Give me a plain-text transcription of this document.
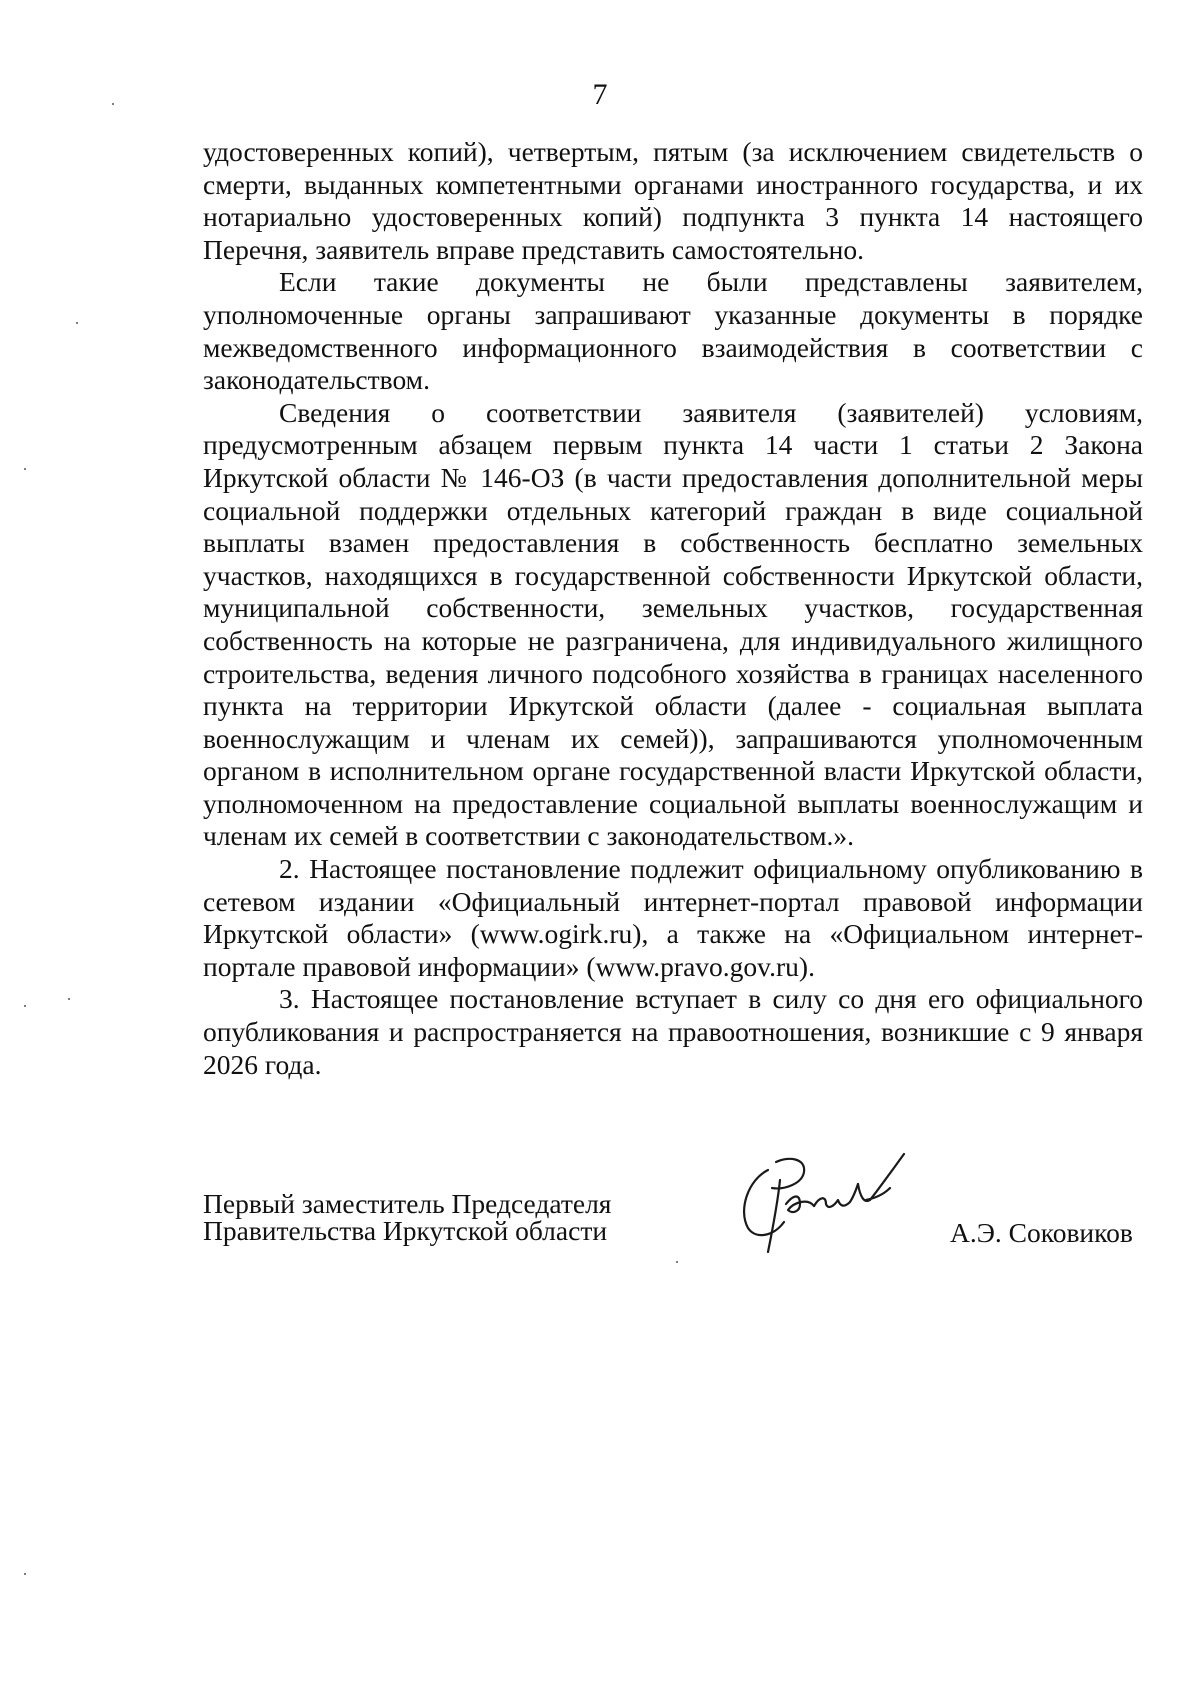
7

удостоверенных копий), четвертым, пятым (за исключением свидетельств о смерти, выданных компетентными органами иностранного государства, и их нотариально удостоверенных копий) подпункта 3 пункта 14 настоящего Перечня, заявитель вправе представить самостоятельно.

Если такие документы не были представлены заявителем, уполномоченные органы запрашивают указанные документы в порядке межведомственного информационного взаимодействия в соответствии с законодательством.

Сведения о соответствии заявителя (заявителей) условиям, предусмотренным абзацем первым пункта 14 части 1 статьи 2 Закона Иркутской области № 146-ОЗ (в части предоставления дополнительной меры социальной поддержки отдельных категорий граждан в виде социальной выплаты взамен предоставления в собственность бесплатно земельных участков, находящихся в государственной собственности Иркутской области, муниципальной собственности, земельных участков, государственная собственность на которые не разграничена, для индивидуального жилищного строительства, ведения личного подсобного хозяйства в границах населенного пункта на территории Иркутской области (далее - социальная выплата военнослужащим и членам их семей)), запрашиваются уполномоченным органом в исполнительном органе государственной власти Иркутской области, уполномоченном на предоставление социальной выплаты военнослужащим и членам их семей в соответствии с законодательством.».

2. Настоящее постановление подлежит официальному опубликованию в сетевом издании «Официальный интернет-портал правовой информации Иркутской области» (www.ogirk.ru), а также на «Официальном интернет-портале правовой информации» (www.pravo.gov.ru).

3. Настоящее постановление вступает в силу со дня его официального опубликования и распространяется на правоотношения, возникшие с 9 января 2026 года.

Первый заместитель Председателя
Правительства Иркутской области	А.Э. Соковиков
